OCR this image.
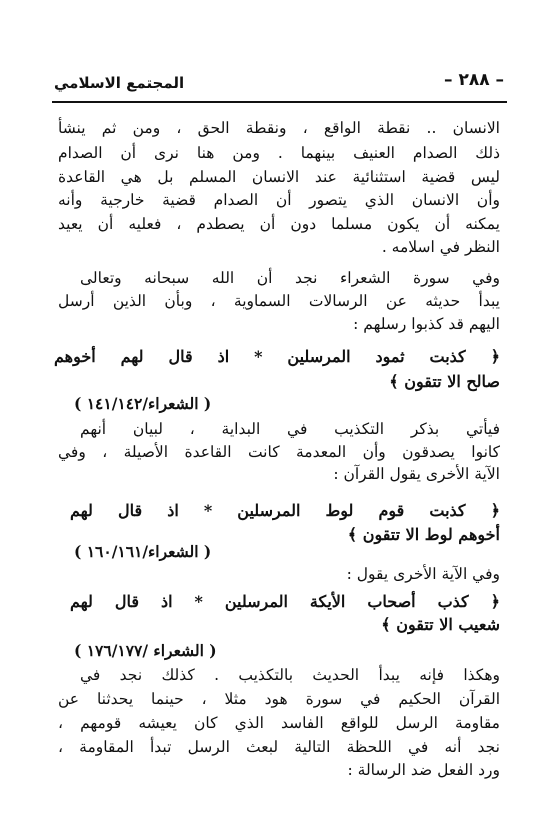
المجتمع الاسلامي	– ٢٨٨ –
الانسان .. نقطة الواقع ، ونقطة الحق ، ومن ثم ينشأ
ذلك الصدام العنيف بينهما . ومن هنا نرى أن الصدام
ليس قضية استثنائية عند الانسان المسلم بل هي القاعدة
وأن الانسان الذي يتصور أن الصدام قضية خارجية وأنه
يمكنه أن يكون مسلما دون أن يصطدم ، فعليه أن يعيد
النظر في اسلامه .
وفي سورة الشعراء نجد أن الله سبحانه وتعالى
يبدأ حديثه عن الرسالات السماوية ، وبأن الذين أرسل
اليهم قد كذبوا رسلهم :
﴿ كذبت ثمود المرسلين * اذ قال لهم أخوهم
صالح الا تتقون ﴾
( الشعراء/١٤١/١٤٢ )
فيأتي بذكر التكذيب في البداية ، لبيان أنهم
كانوا يصدقون وأن المعدمة كانت القاعدة الأصيلة ، وفي
الآية الأخرى يقول القرآن :
﴿ كذبت قوم لوط المرسلين * اذ قال لهم
أخوهم لوط الا تتقون ﴾
( الشعراء/١٦٠/١٦١ )
وفي الآية الأخرى يقول :
﴿ كذب أصحاب الأيكة المرسلين * اذ قال لهم
شعيب الا تتقون ﴾
( الشعراء /١٧٦/١٧٧ )
وهكذا فإنه يبدأ الحديث بالتكذيب . كذلك نجد في
القرآن الحكيم في سورة هود مثلا ، حينما يحدثنا عن
مقاومة الرسل للواقع الفاسد الذي كان يعيشه قومهم ،
نجد أنه في اللحظة التالية لبعث الرسل تبدأ المقاومة ،
ورد الفعل ضد الرسالة :
